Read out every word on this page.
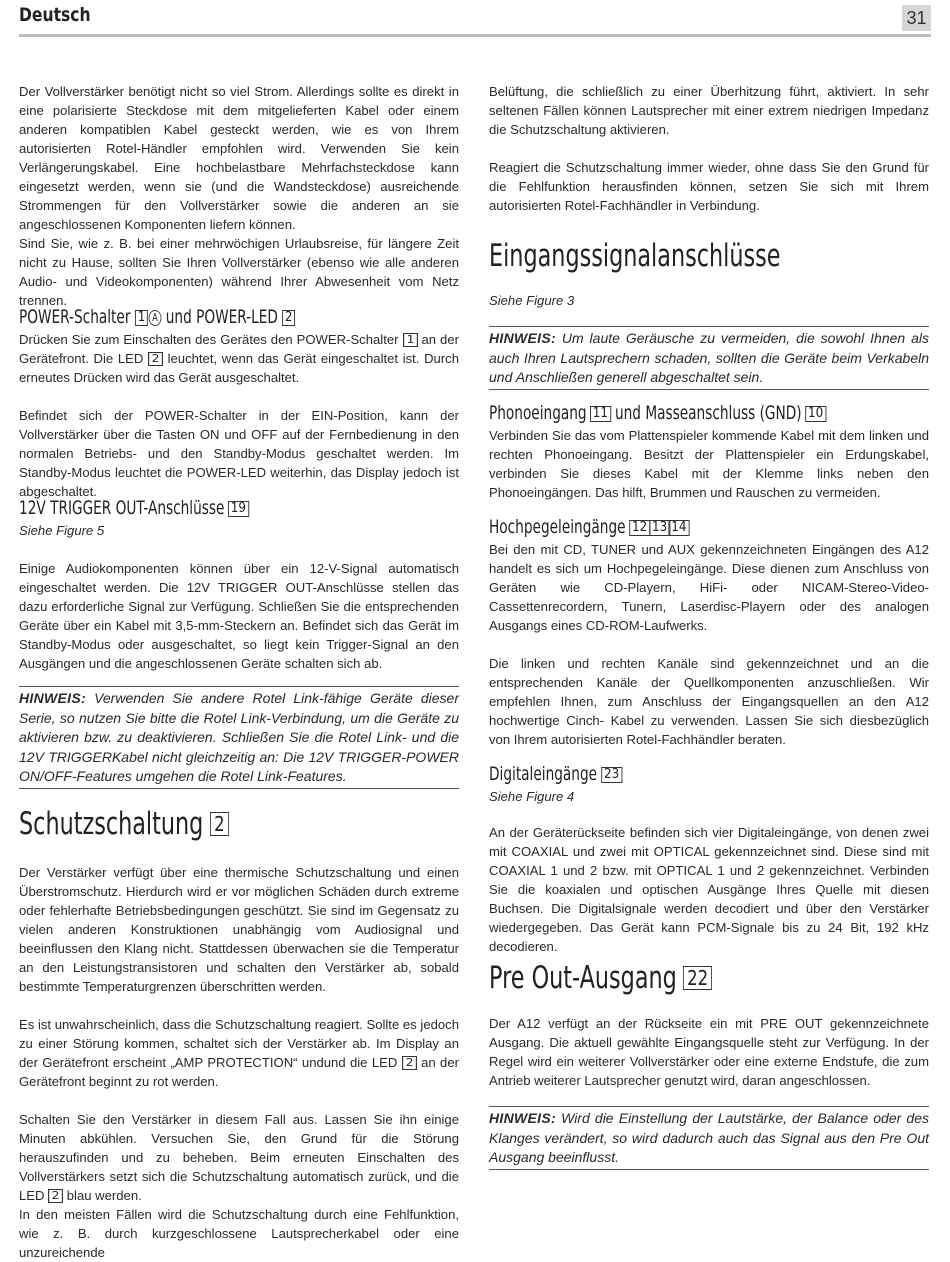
Deutsch	31

Der Vollverstärker benötigt nicht so viel Strom. Allerdings sollte es direkt in eine polarisierte Steckdose mit dem mitgelieferten Kabel oder einem anderen kompatiblen Kabel gesteckt werden, wie es von Ihrem autorisierten Rotel-Händler empfohlen wird. Verwenden Sie kein Verlängerungskabel. Eine hochbelastbare Mehrfachsteckdose kann eingesetzt werden, wenn sie (und die Wandsteckdose) ausreichende Strommengen für den Vollverstärker sowie die anderen an sie angeschlossenen Komponenten liefern können.

Sind Sie, wie z. B. bei einer mehrwöchigen Urlaubsreise, für längere Zeit nicht zu Hause, sollten Sie Ihren Vollverstärker (ebenso wie alle anderen Audio- und Videokomponenten) während Ihrer Abwesenheit vom Netz trennen.

POWER-Schalter 1 A und POWER-LED 2

Drücken Sie zum Einschalten des Gerätes den POWER-Schalter 1 an der Gerätefront. Die LED 2 leuchtet, wenn das Gerät eingeschaltet ist. Durch erneutes Drücken wird das Gerät ausgeschaltet.

Befindet sich der POWER-Schalter in der EIN-Position, kann der Vollverstärker über die Tasten ON und OFF auf der Fernbedienung in den normalen Betriebs- und den Standby-Modus geschaltet werden. Im Standby-Modus leuchtet die POWER-LED weiterhin, das Display jedoch ist abgeschaltet.

12V TRIGGER OUT-Anschlüsse 19
Siehe Figure 5

Einige Audiokomponenten können über ein 12-V-Signal automatisch eingeschaltet werden. Die 12V TRIGGER OUT-Anschlüsse stellen das dazu erforderliche Signal zur Verfügung. Schließen Sie die entsprechenden Geräte über ein Kabel mit 3,5-mm-Steckern an. Befindet sich das Gerät im Standby-Modus oder ausgeschaltet, so liegt kein Trigger-Signal an den Ausgängen und die angeschlossenen Geräte schalten sich ab.

HINWEIS: Verwenden Sie andere Rotel Link-fähige Geräte dieser Serie, so nutzen Sie bitte die Rotel Link-Verbindung, um die Geräte zu aktivieren bzw. zu deaktivieren. Schließen Sie die Rotel Link- und die 12V TRIGGERKabel nicht gleichzeitig an: Die 12V TRIGGER-POWER ON/OFF-Features umgehen die Rotel Link-Features.
Schutzschaltung 2

Der Verstärker verfügt über eine thermische Schutzschaltung und einen Überstromschutz. Hierdurch wird er vor möglichen Schäden durch extreme oder fehlerhafte Betriebsbedingungen geschützt. Sie sind im Gegensatz zu vielen anderen Konstruktionen unabhängig vom Audiosignal und beeinflussen den Klang nicht. Stattdessen überwachen sie die Temperatur an den Leistungstransistoren und schalten den Verstärker ab, sobald bestimmte Temperaturgrenzen überschritten werden.

Es ist unwahrscheinlich, dass die Schutzschaltung reagiert. Sollte es jedoch zu einer Störung kommen, schaltet sich der Verstärker ab. Im Display an der Gerätefront erscheint „AMP PROTECTION“ undund die LED 2 an der Gerätefront beginnt zu rot werden.

Schalten Sie den Verstärker in diesem Fall aus. Lassen Sie ihn einige Minuten abkühlen. Versuchen Sie, den Grund für die Störung herauszufinden und zu beheben. Beim erneuten Einschalten des Vollverstärkers setzt sich die Schutzschaltung automatisch zurück, und die LED 2 blau werden.

In den meisten Fällen wird die Schutzschaltung durch eine Fehlfunktion, wie z. B. durch kurzgeschlossene Lautsprecherkabel oder eine unzureichende

Belüftung, die schließlich zu einer Überhitzung führt, aktiviert. In sehr seltenen Fällen können Lautsprecher mit einer extrem niedrigen Impedanz die Schutzschaltung aktivieren.

Reagiert die Schutzschaltung immer wieder, ohne dass Sie den Grund für die Fehlfunktion herausfinden können, setzen Sie sich mit Ihrem autorisierten Rotel-Fachhändler in Verbindung.

Eingangssignalanschlüsse
Siehe Figure 3
HINWEIS: Um laute Geräusche zu vermeiden, die sowohl Ihnen als auch Ihren Lautsprechern schaden, sollten die Geräte beim Verkabeln und Anschließen generell abgeschaltet sein.
Phonoeingang 11 und Masseanschluss (GND) 10

Verbinden Sie das vom Plattenspieler kommende Kabel mit dem linken und rechten Phonoeingang. Besitzt der Plattenspieler ein Erdungskabel, verbinden Sie dieses Kabel mit der Klemme links neben den Phonoeingängen. Das hilft, Brummen und Rauschen zu vermeiden.

Hochpegeleingänge 12 13 14

Bei den mit CD, TUNER und AUX gekennzeichneten Eingängen des A12 handelt es sich um Hochpegeleingänge. Diese dienen zum Anschluss von Geräten wie CD-Playern, HiFi- oder NICAM-Stereo-Video- Cassettenrecordern, Tunern, Laserdisc-Playern oder des analogen Ausgangs eines CD-ROM-Laufwerks.

Die linken und rechten Kanäle sind gekennzeichnet und an die entsprechenden Kanäle der Quellkomponenten anzuschließen. Wir empfehlen Ihnen, zum Anschluss der Eingangsquellen an den A12 hochwertige Cinch- Kabel zu verwenden. Lassen Sie sich diesbezüglich von Ihrem autorisierten Rotel-Fachhändler beraten.

Digitaleingänge 23
Siehe Figure 4

An der Geräterückseite befinden sich vier Digitaleingänge, von denen zwei mit COAXIAL und zwei mit OPTICAL gekennzeichnet sind. Diese sind mit COAXIAL 1 und 2 bzw. mit OPTICAL 1 und 2 gekennzeichnet. Verbinden Sie die koaxialen und optischen Ausgänge Ihres Quelle mit diesen Buchsen. Die Digitalsignale werden decodiert und über den Verstärker wiedergegeben. Das Gerät kann PCM-Signale bis zu 24 Bit, 192 kHz decodieren.

Pre Out-Ausgang 22

Der A12 verfügt an der Rückseite ein mit PRE OUT gekennzeichnete Ausgang. Die aktuell gewählte Eingangsquelle steht zur Verfügung. In der Regel wird ein weiterer Vollverstärker oder eine externe Endstufe, die zum Antrieb weiterer Lautsprecher genutzt wird, daran angeschlossen.

HINWEIS: Wird die Einstellung der Lautstärke, der Balance oder des Klanges verändert, so wird dadurch auch das Signal aus den Pre Out Ausgang beeinflusst.
